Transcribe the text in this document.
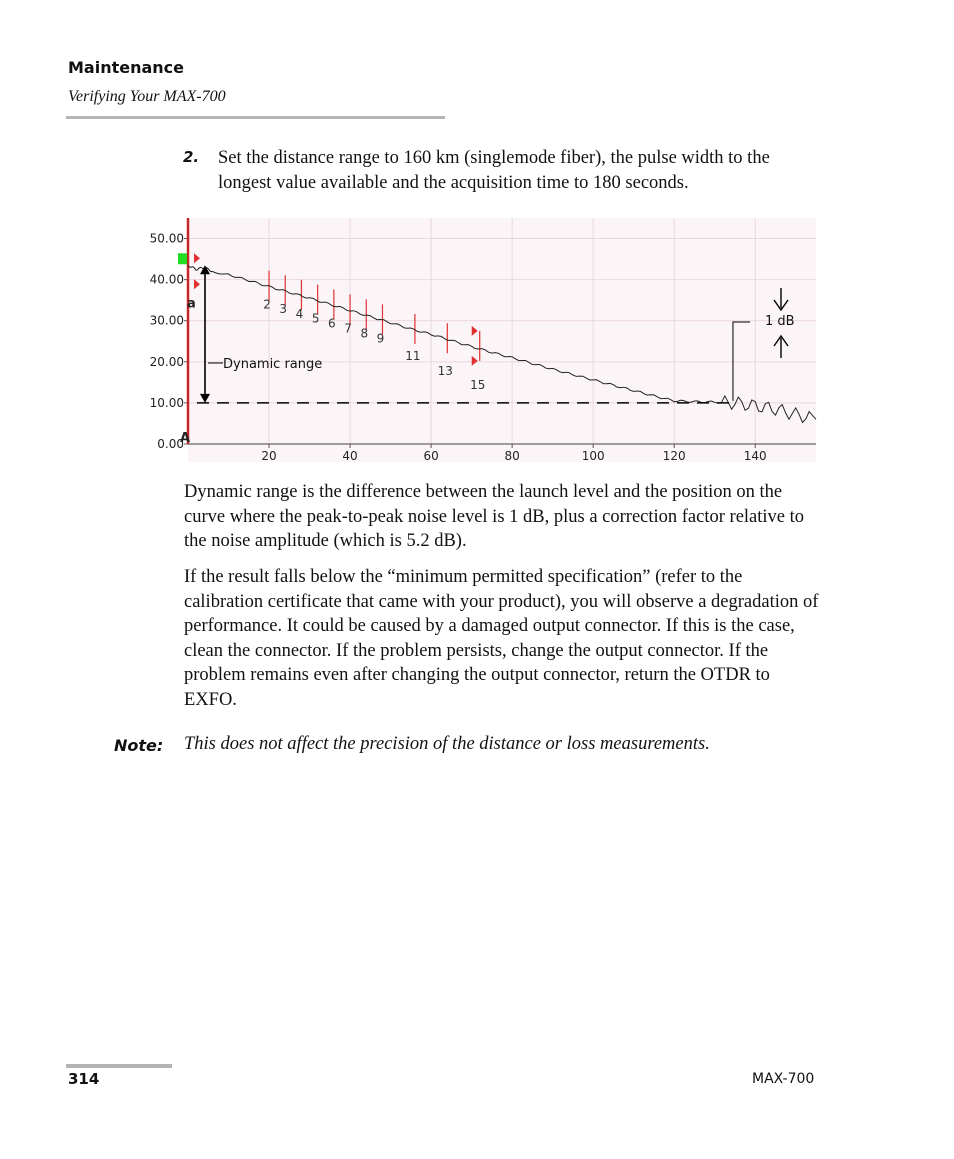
Maintenance
Verifying Your MAX-700
2. Set the distance range to 160 km (singlemode fiber), the pulse width to the longest value available and the acquisition time to 180 seconds.
0.00
10.00
20.00
30.00
40.00
50.00
20	40	60	80	100	120	140
2 3 4 5 6 7 8 9
11
13
15
a
A
Dynamic range
1 dB

Dynamic range is the difference between the launch level and the position on the curve where the peak-to-peak noise level is 1 dB, plus a correction factor relative to the noise amplitude (which is 5.2 dB).

If the result falls below the “minimum permitted specification” (refer to the calibration certificate that came with your product), you will observe a degradation of performance. It could be caused by a damaged output connector. If this is the case, clean the connector. If the problem persists, change the output connector. If the problem remains even after changing the output connector, return the OTDR to EXFO.

Note: This does not affect the precision of the distance or loss measurements.
314	MAX-700
